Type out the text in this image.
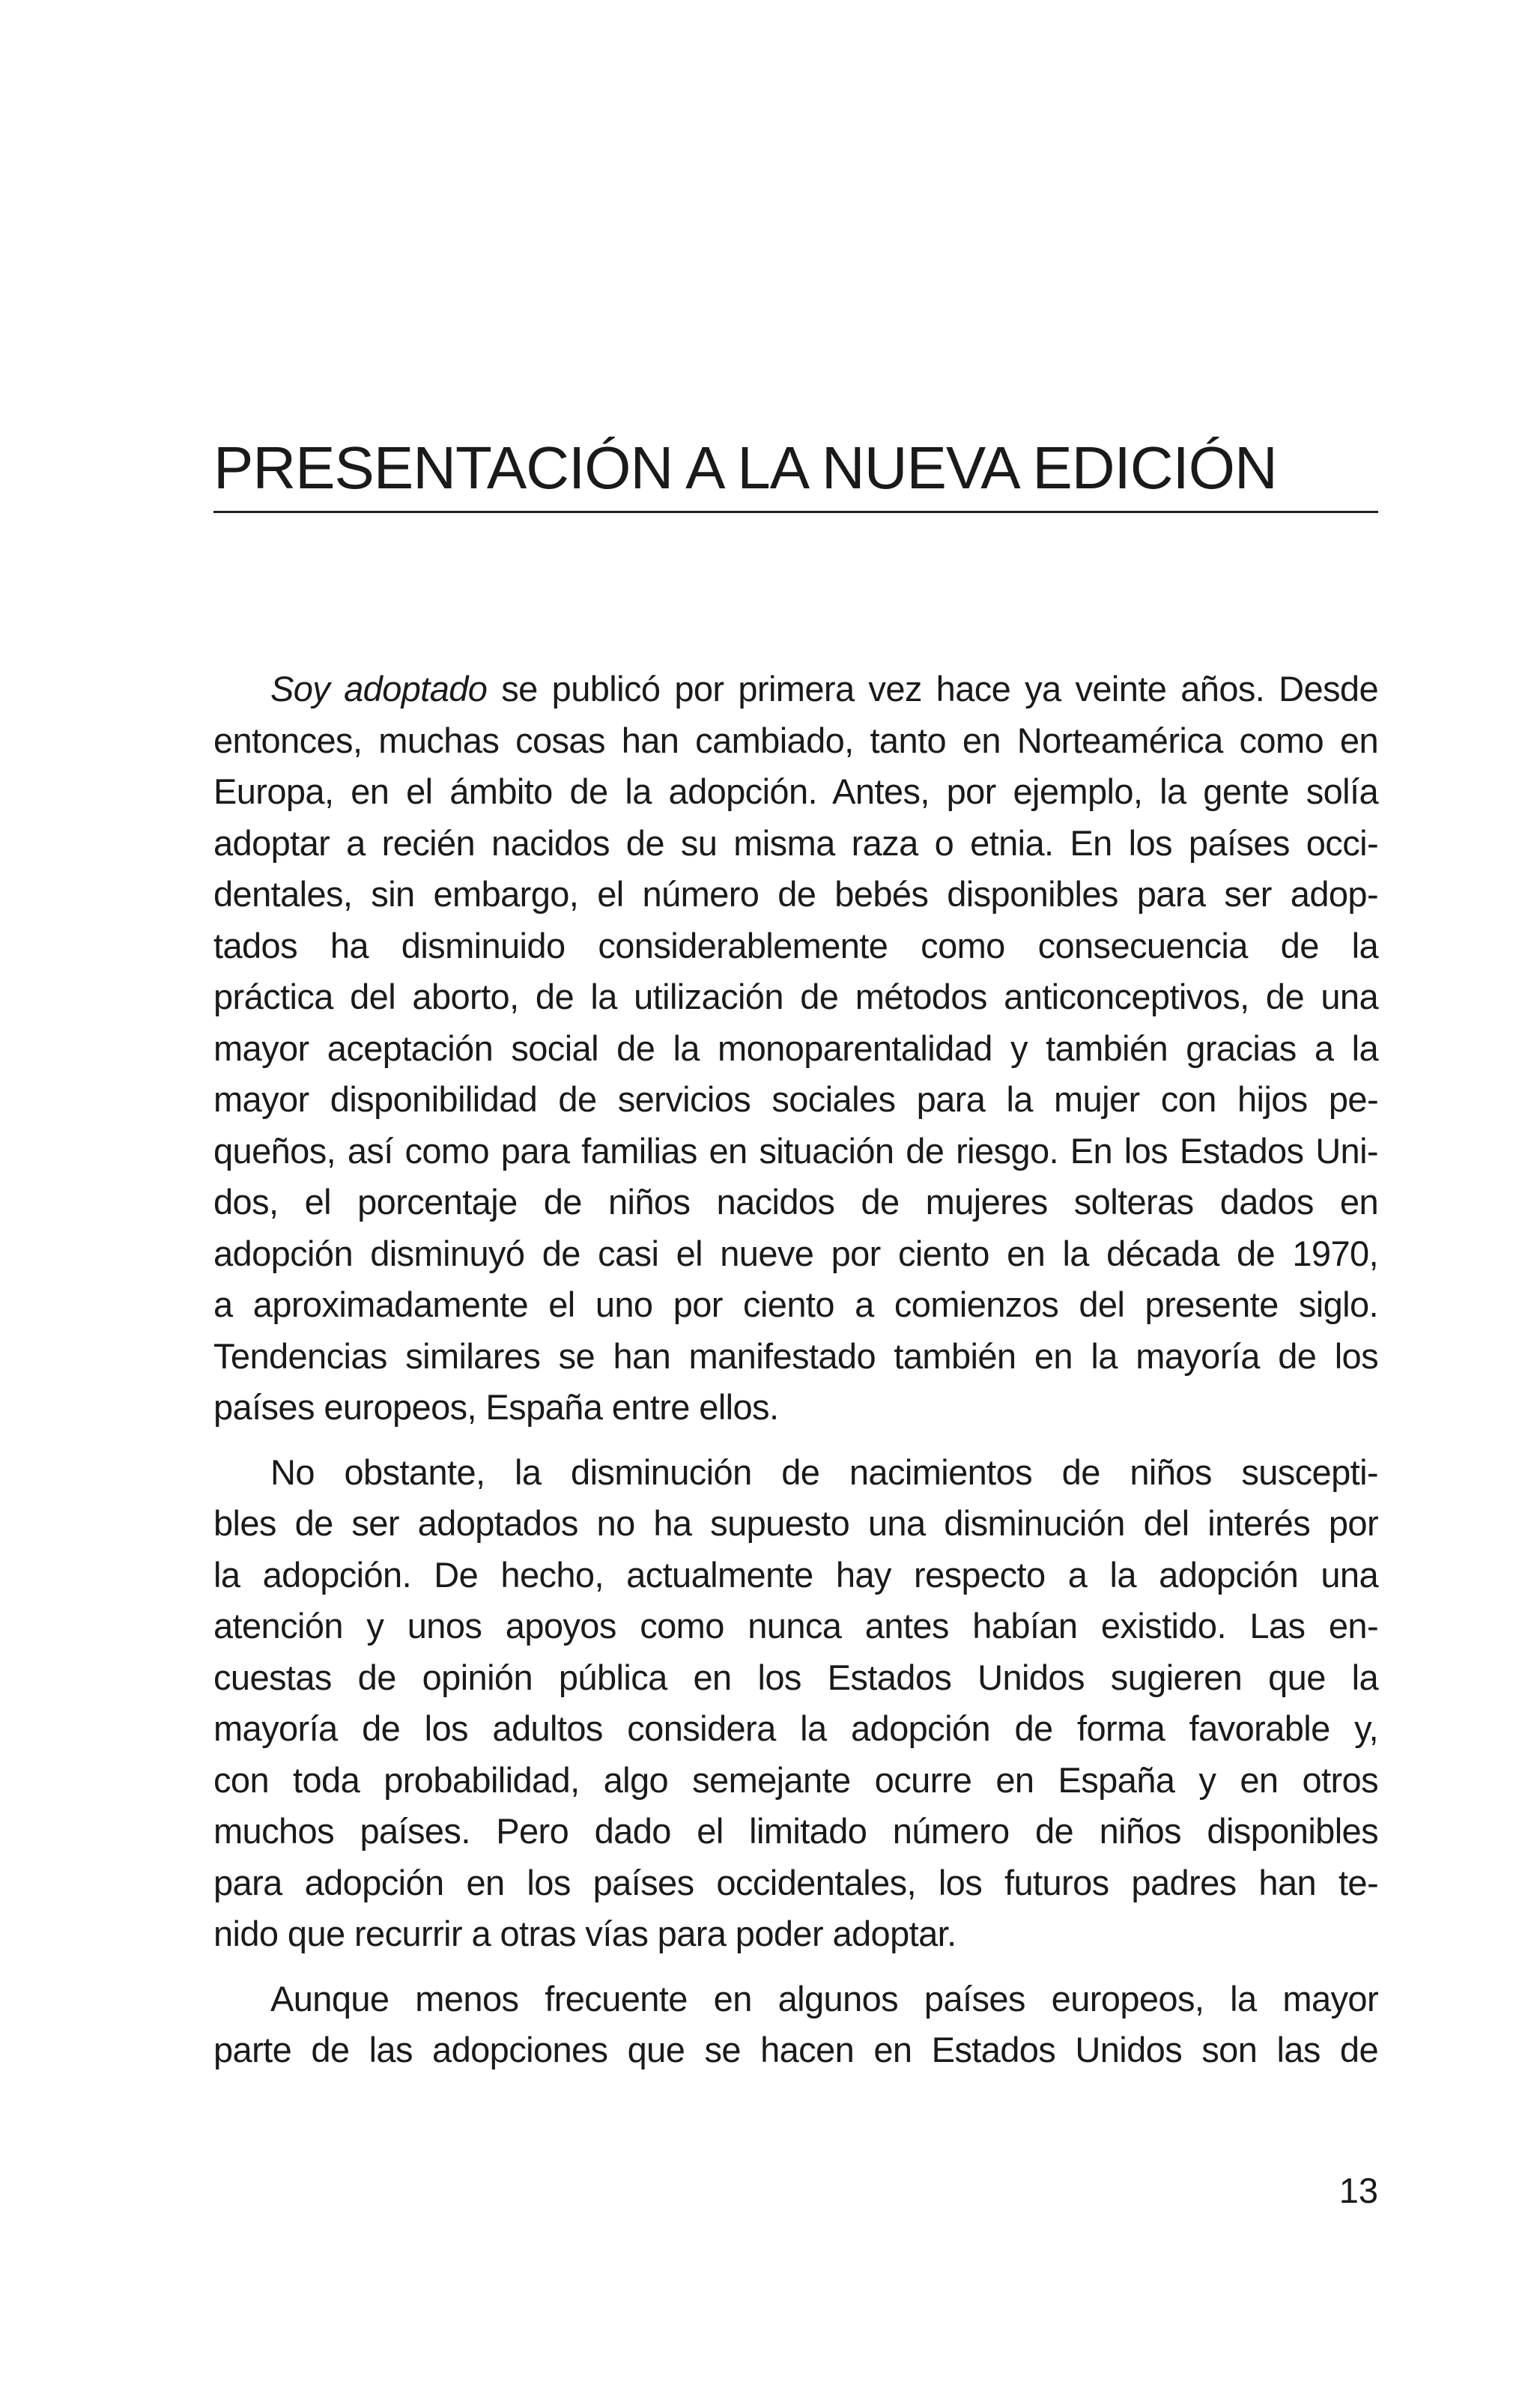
PRESENTACIÓN A LA NUEVA EDICIÓN

Soy adoptado se publicó por primera vez hace ya veinte años. Desde
entonces, muchas cosas han cambiado, tanto en Norteamérica como en
Europa, en el ámbito de la adopción. Antes, por ejemplo, la gente solía
adoptar a recién nacidos de su misma raza o etnia. En los países occi-
dentales, sin embargo, el número de bebés disponibles para ser adop-
tados ha disminuido considerablemente como consecuencia de la
práctica del aborto, de la utilización de métodos anticonceptivos, de una
mayor aceptación social de la monoparentalidad y también gracias a la
mayor disponibilidad de servicios sociales para la mujer con hijos pe-
queños, así como para familias en situación de riesgo. En los Estados Uni-
dos, el porcentaje de niños nacidos de mujeres solteras dados en
adopción disminuyó de casi el nueve por ciento en la década de 1970,
a aproximadamente el uno por ciento a comienzos del presente siglo.
Tendencias similares se han manifestado también en la mayoría de los
países europeos, España entre ellos.

No obstante, la disminución de nacimientos de niños suscepti-
bles de ser adoptados no ha supuesto una disminución del interés por
la adopción. De hecho, actualmente hay respecto a la adopción una
atención y unos apoyos como nunca antes habían existido. Las en-
cuestas de opinión pública en los Estados Unidos sugieren que la
mayoría de los adultos considera la adopción de forma favorable y,
con toda probabilidad, algo semejante ocurre en España y en otros
muchos países. Pero dado el limitado número de niños disponibles
para adopción en los países occidentales, los futuros padres han te-
nido que recurrir a otras vías para poder adoptar.

Aunque menos frecuente en algunos países europeos, la mayor
parte de las adopciones que se hacen en Estados Unidos son las de

13
